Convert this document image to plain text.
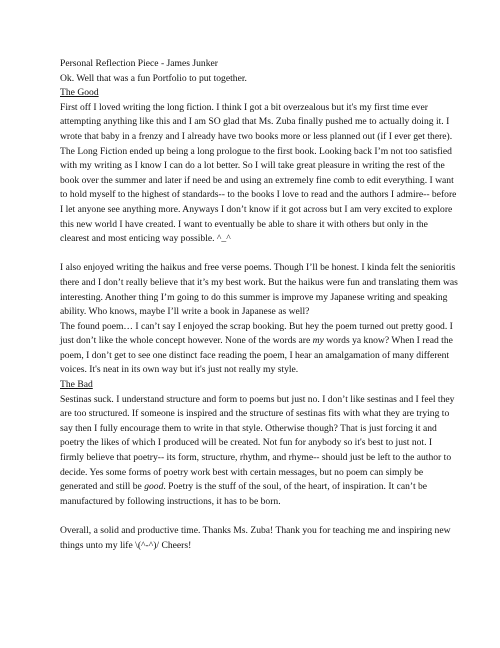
Personal Reflection Piece - James Junker

Ok. Well that was a fun Portfolio to put together.

The Good

First off I loved writing the long fiction. I think I got a bit overzealous but it's my first time ever attempting anything like this and I am SO glad that Ms. Zuba finally pushed me to actually doing it. I wrote that baby in a frenzy and I already have two books more or less planned out (if I ever get there). The Long Fiction ended up being a long prologue to the first book. Looking back I’m not too satisfied with my writing as I know I can do a lot better. So I will take great pleasure in writing the rest of the book over the summer and later if need be and using an extremely fine comb to edit everything. I want to hold myself to the highest of standards-- to the books I love to read and the authors I admire-- before I let anyone see anything more. Anyways I don’t know if it got across but I am very excited to explore this new world I have created. I want to eventually be able to share it with others but only in the clearest and most enticing way possible. ^_^

I also enjoyed writing the haikus and free verse poems. Though I’ll be honest. I kinda felt the senioritis there and I don’t really believe that it’s my best work. But the haikus were fun and translating them was interesting. Another thing I’m going to do this summer is improve my Japanese writing and speaking ability. Who knows, maybe I’ll write a book in Japanese as well?

The found poem… I can’t say I enjoyed the scrap booking. But hey the poem turned out pretty good. I just don’t like the whole concept however. None of the words are my words ya know? When I read the poem, I don’t get to see one distinct face reading the poem, I hear an amalgamation of many different voices. It's neat in its own way but it's just not really my style.

The Bad

Sestinas suck. I understand structure and form to poems but just no. I don’t like sestinas and I feel they are too structured. If someone is inspired and the structure of sestinas fits with what they are trying to say then I fully encourage them to write in that style. Otherwise though? That is just forcing it and poetry the likes of which I produced will be created. Not fun for anybody so it's best to just not. I firmly believe that poetry-- its form, structure, rhythm, and rhyme-- should just be left to the author to decide. Yes some forms of poetry work best with certain messages, but no poem can simply be generated and still be good. Poetry is the stuff of the soul, of the heart, of inspiration. It can’t be manufactured by following instructions, it has to be born.

Overall, a solid and productive time. Thanks Ms. Zuba! Thank you for teaching me and inspiring new things unto my life \(^-^)/ Cheers!
